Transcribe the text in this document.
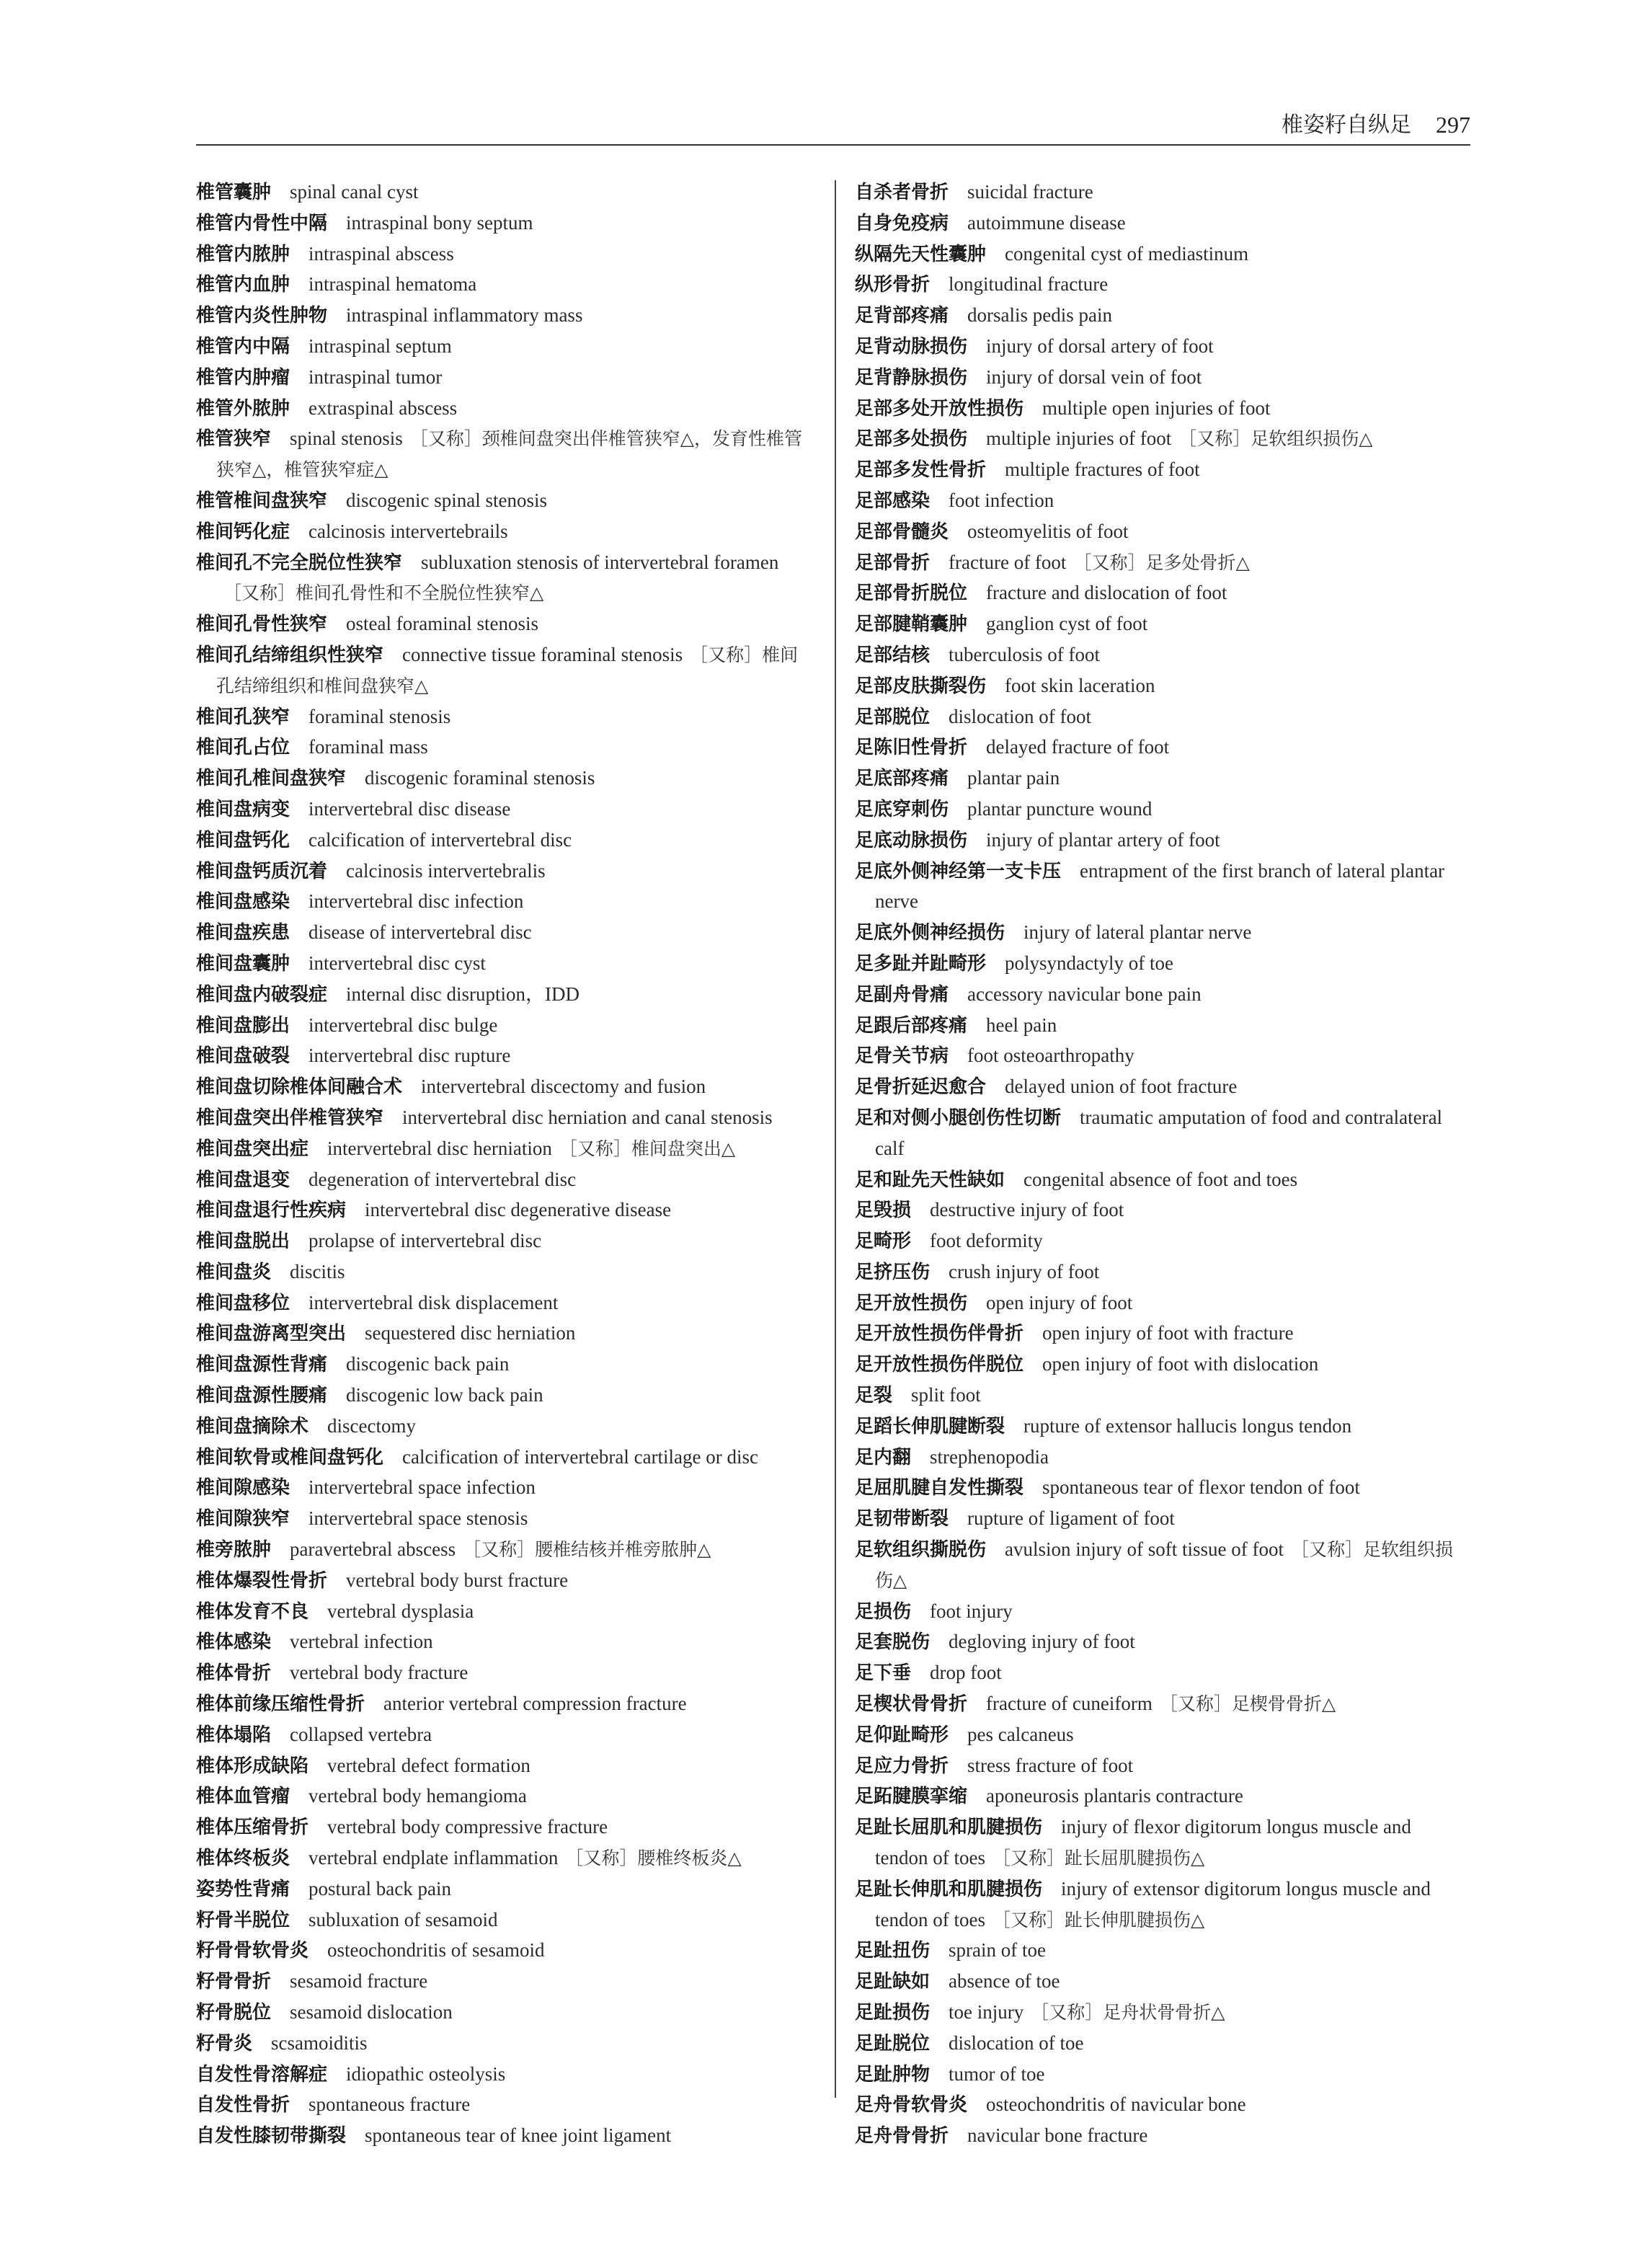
椎姿籽自纵足 297

椎管囊肿 spinal canal cyst

椎管内骨性中隔 intraspinal bony septum

椎管内脓肿 intraspinal abscess

椎管内血肿 intraspinal hematoma

椎管内炎性肿物 intraspinal inflammatory mass

椎管内中隔 intraspinal septum

椎管内肿瘤 intraspinal tumor

椎管外脓肿 extraspinal abscess

椎管狭窄 spinal stenosis ［又称］颈椎间盘突出伴椎管狭窄△，发育性椎管狭窄△，椎管狭窄症△

椎管椎间盘狭窄 discogenic spinal stenosis

椎间钙化症 calcinosis intervertebrails

椎间孔不完全脱位性狭窄 subluxation stenosis of intervertebral foramen［又称］椎间孔骨性和不全脱位性狭窄△

椎间孔骨性狭窄 osteal foraminal stenosis

椎间孔结缔组织性狭窄 connective tissue foraminal stenosis ［又称］椎间孔结缔组织和椎间盘狭窄△

椎间孔狭窄 foraminal stenosis

椎间孔占位 foraminal mass

椎间孔椎间盘狭窄 discogenic foraminal stenosis

椎间盘病变 intervertebral disc disease

椎间盘钙化 calcification of intervertebral disc

椎间盘钙质沉着 calcinosis intervertebralis

椎间盘感染 intervertebral disc infection

椎间盘疾患 disease of intervertebral disc

椎间盘囊肿 intervertebral disc cyst

椎间盘内破裂症 internal disc disruption，IDD

椎间盘膨出 intervertebral disc bulge

椎间盘破裂 intervertebral disc rupture

椎间盘切除椎体间融合术 intervertebral discectomy and fusion

椎间盘突出伴椎管狭窄 intervertebral disc herniation and canal stenosis

椎间盘突出症 intervertebral disc herniation ［又称］椎间盘突出△

椎间盘退变 degeneration of intervertebral disc

椎间盘退行性疾病 intervertebral disc degenerative disease

椎间盘脱出 prolapse of intervertebral disc

椎间盘炎 discitis

椎间盘移位 intervertebral disk displacement

椎间盘游离型突出 sequestered disc herniation

椎间盘源性背痛 discogenic back pain

椎间盘源性腰痛 discogenic low back pain

椎间盘摘除术 discectomy

椎间软骨或椎间盘钙化 calcification of intervertebral cartilage or disc

椎间隙感染 intervertebral space infection

椎间隙狭窄 intervertebral space stenosis

椎旁脓肿 paravertebral abscess ［又称］腰椎结核并椎旁脓肿△

椎体爆裂性骨折 vertebral body burst fracture

椎体发育不良 vertebral dysplasia

椎体感染 vertebral infection

椎体骨折 vertebral body fracture

椎体前缘压缩性骨折 anterior vertebral compression fracture

椎体塌陷 collapsed vertebra

椎体形成缺陷 vertebral defect formation

椎体血管瘤 vertebral body hemangioma

椎体压缩骨折 vertebral body compressive fracture

椎体终板炎 vertebral endplate inflammation ［又称］腰椎终板炎△

姿势性背痛 postural back pain

籽骨半脱位 subluxation of sesamoid

籽骨骨软骨炎 osteochondritis of sesamoid

籽骨骨折 sesamoid fracture

籽骨脱位 sesamoid dislocation

籽骨炎 scsamoiditis

自发性骨溶解症 idiopathic osteolysis

自发性骨折 spontaneous fracture

自发性膝韧带撕裂 spontaneous tear of knee joint ligament

自杀者骨折 suicidal fracture

自身免疫病 autoimmune disease

纵隔先天性囊肿 congenital cyst of mediastinum

纵形骨折 longitudinal fracture

足背部疼痛 dorsalis pedis pain

足背动脉损伤 injury of dorsal artery of foot

足背静脉损伤 injury of dorsal vein of foot

足部多处开放性损伤 multiple open injuries of foot

足部多处损伤 multiple injuries of foot ［又称］足软组织损伤△

足部多发性骨折 multiple fractures of foot

足部感染 foot infection

足部骨髓炎 osteomyelitis of foot

足部骨折 fracture of foot ［又称］足多处骨折△

足部骨折脱位 fracture and dislocation of foot

足部腱鞘囊肿 ganglion cyst of foot

足部结核 tuberculosis of foot

足部皮肤撕裂伤 foot skin laceration

足部脱位 dislocation of foot

足陈旧性骨折 delayed fracture of foot

足底部疼痛 plantar pain

足底穿刺伤 plantar puncture wound

足底动脉损伤 injury of plantar artery of foot

足底外侧神经第一支卡压 entrapment of the first branch of lateral plantar nerve

足底外侧神经损伤 injury of lateral plantar nerve

足多趾并趾畸形 polysyndactyly of toe

足副舟骨痛 accessory navicular bone pain

足跟后部疼痛 heel pain

足骨关节病 foot osteoarthropathy

足骨折延迟愈合 delayed union of foot fracture

足和对侧小腿创伤性切断 traumatic amputation of food and contralateral calf

足和趾先天性缺如 congenital absence of foot and toes

足毁损 destructive injury of foot

足畸形 foot deformity

足挤压伤 crush injury of foot

足开放性损伤 open injury of foot

足开放性损伤伴骨折 open injury of foot with fracture

足开放性损伤伴脱位 open injury of foot with dislocation

足裂 split foot

足蹈长伸肌腱断裂 rupture of extensor hallucis longus tendon

足内翻 strephenopodia

足屈肌腱自发性撕裂 spontaneous tear of flexor tendon of foot

足韧带断裂 rupture of ligament of foot

足软组织撕脱伤 avulsion injury of soft tissue of foot ［又称］足软组织损伤△

足损伤 foot injury

足套脱伤 degloving injury of foot

足下垂 drop foot

足楔状骨骨折 fracture of cuneiform ［又称］足楔骨骨折△

足仰趾畸形 pes calcaneus

足应力骨折 stress fracture of foot

足跖腱膜挛缩 aponeurosis plantaris contracture

足趾长屈肌和肌腱损伤 injury of flexor digitorum longus muscle and tendon of toes ［又称］趾长屈肌腱损伤△

足趾长伸肌和肌腱损伤 injury of extensor digitorum longus muscle and tendon of toes ［又称］趾长伸肌腱损伤△

足趾扭伤 sprain of toe

足趾缺如 absence of toe

足趾损伤 toe injury ［又称］足舟状骨骨折△

足趾脱位 dislocation of toe

足趾肿物 tumor of toe

足舟骨软骨炎 osteochondritis of navicular bone

足舟骨骨折 navicular bone fracture
